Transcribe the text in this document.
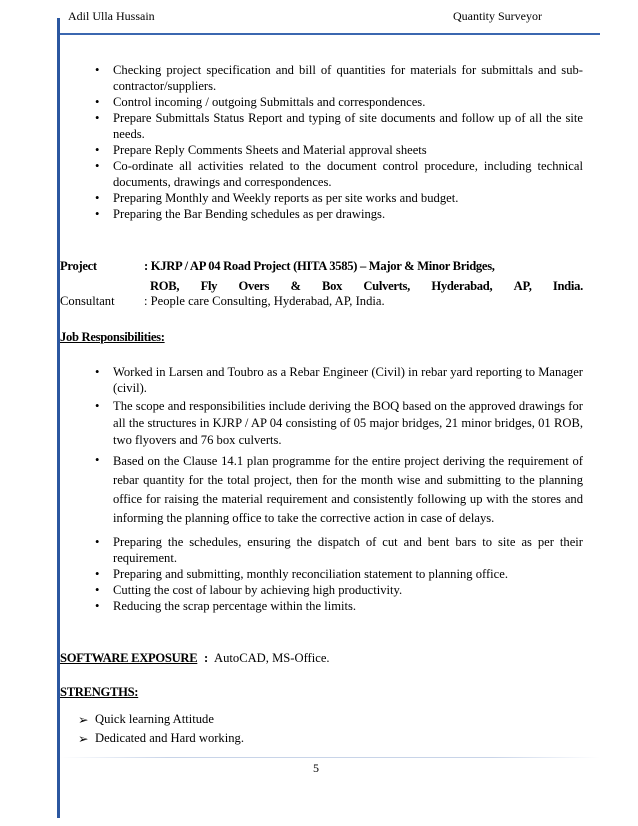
Adil Ulla Hussain	Quantity Surveyor
• Checking project specification and bill of quantities for materials for submittals and sub-contractor/suppliers.
• Control incoming / outgoing Submittals and correspondences.
• Prepare Submittals Status Report and typing of site documents and follow up of all the site needs.
• Prepare Reply Comments Sheets and Material approval sheets
• Co-ordinate all activities related to the document control procedure, including technical documents, drawings and correspondences.
• Preparing Monthly and Weekly reports as per site works and budget.
• Preparing the Bar Bending schedules as per drawings.
Project	: KJRP / AP 04 Road Project (HITA 3585) – Major & Minor Bridges,
ROB, Fly Overs & Box Culverts, Hyderabad, AP, India.
Consultant : People care Consulting, Hyderabad, AP, India.
Job Responsibilities:
• Worked in Larsen and Toubro as a Rebar Engineer (Civil) in rebar yard reporting to Manager (civil).
• The scope and responsibilities include deriving the BOQ based on the approved drawings for all the structures in KJRP / AP 04 consisting of 05 major bridges, 21 minor bridges, 01 ROB, two flyovers and 76 box culverts.
• Based on the Clause 14.1 plan programme for the entire project deriving the requirement of rebar quantity for the total project, then for the month wise and submitting to the planning office for raising the material requirement and consistently following up with the stores and informing the planning office to take the corrective action in case of delays.
• Preparing the schedules, ensuring the dispatch of cut and bent bars to site as per their requirement.
• Preparing and submitting, monthly reconciliation statement to planning office.
• Cutting the cost of labour by achieving high productivity.
• Reducing the scrap percentage within the limits.
SOFTWARE EXPOSURE : AutoCAD, MS-Office.
STRENGTHS:
➢ Quick learning Attitude
➢ Dedicated and Hard working.
5
